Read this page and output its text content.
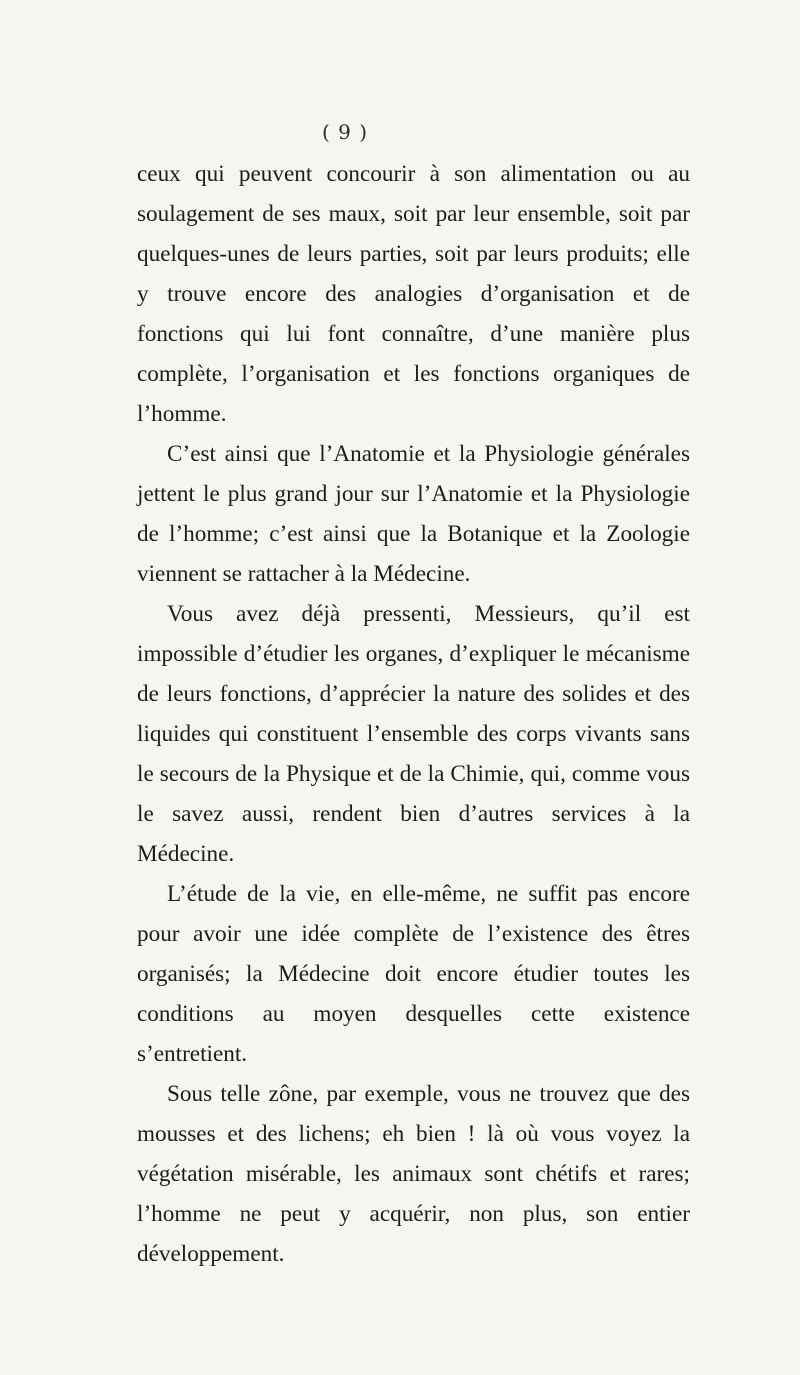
( 9 )

ceux qui peuvent concourir à son alimentation ou au soulagement de ses maux, soit par leur ensemble, soit par quelques-unes de leurs parties, soit par leurs produits; elle y trouve encore des analogies d’organisation et de fonctions qui lui font connaître, d’une manière plus complète, l’organisation et les fonctions organiques de l’homme.

C’est ainsi que l’Anatomie et la Physiologie générales jettent le plus grand jour sur l’Anatomie et la Physiologie de l’homme; c’est ainsi que la Botanique et la Zoologie viennent se rattacher à la Médecine.

Vous avez déjà pressenti, Messieurs, qu’il est impossible d’étudier les organes, d’expliquer le mécanisme de leurs fonctions, d’apprécier la nature des solides et des liquides qui constituent l’ensemble des corps vivants sans le secours de la Physique et de la Chimie, qui, comme vous le savez aussi, rendent bien d’autres services à la Médecine.

L’étude de la vie, en elle-même, ne suffit pas encore pour avoir une idée complète de l’existence des êtres organisés; la Médecine doit encore étudier toutes les conditions au moyen desquelles cette existence s’entretient.

Sous telle zône, par exemple, vous ne trouvez que des mousses et des lichens; eh bien ! là où vous voyez la végétation misérable, les animaux sont chétifs et rares; l’homme ne peut y acquérir, non plus, son entier développement.
